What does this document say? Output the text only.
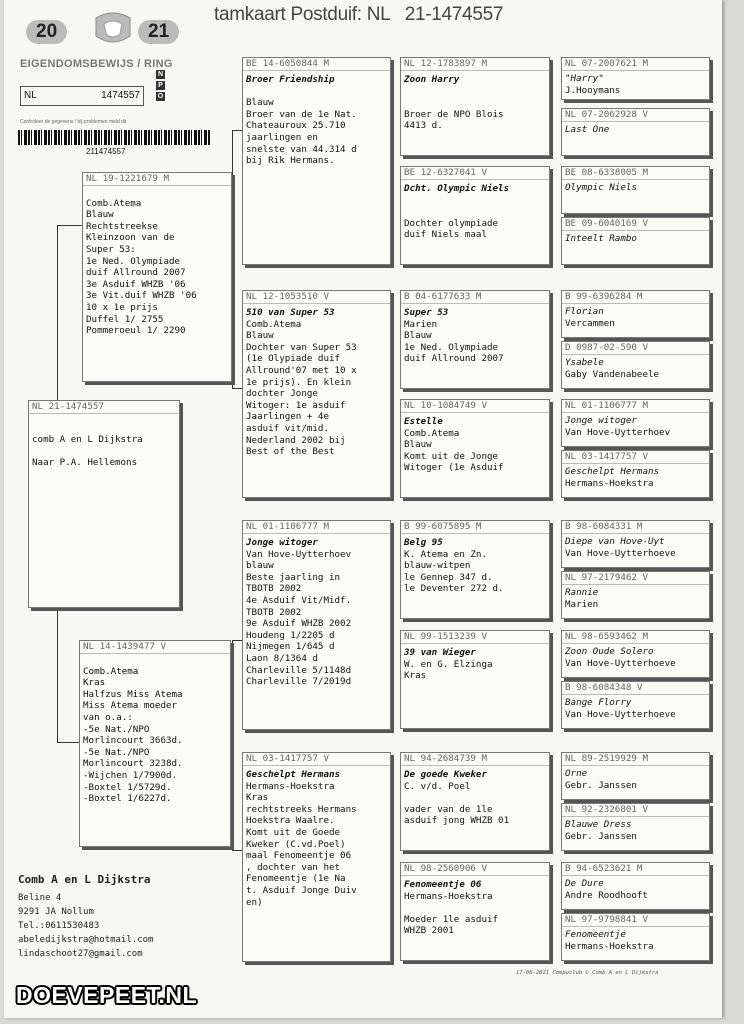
tamkaart Postduif: NL 21-1474557
20	21
EIGENDOMSBEWIJS / RING
NL	1474557
N
P
O
Controleer de gegevens / bij problemen meld dit
211474557
NL 21-1474557
comb A en L Dijkstra

Naar P.A. Hellemons
NL 19-1221679 M

Comb.Atema
Blauw
Rechtstreekse
Kleinzoon van de
Super 53:
1e Ned. Olympiade
duif Allround 2007
3e Asduif WHZB '06
3e Vit.duif WHZB '06
10 x 1e prijs
Duffel 1/ 2755
Pommeroeul 1/ 2290
NL 14-1439477 V

Comb.Atema
Kras
Halfzus Miss Atema
Miss Atema moeder
van o.a.:
-5e Nat./NPO
Morlincourt 3663d.
-5e Nat./NPO
Morlincourt 3238d.
-Wijchen 1/7900d.
-Boxtel 1/5729d.
-Boxtel 1/6227d.
BE 14-6050844 M
Broer Friendship

Blauw
Broer van de 1e Nat.
Chateauroux 25.710
jaarlingen en
snelste van 44.314 d
bij Rik Hermans.
NL 12-1053510 V
510 van Super 53
Comb.Atema
Blauw
Dochter van Super 53
(1e Olypiade duif
Allround'07 met 10 x
1e prijs). En klein
dochter Jonge
Witoger: 1e asduif
Jaarlingen + 4e
asduif vit/mid.
Nederland 2002 bij
Best of the Best
NL 01-1106777 M
Jonge witoger
Van Hove-Uytterhoev
blauw
Beste jaarling in
TBOTB 2002
4e Asduif Vit/Midf.
TBOTB 2002
9e Asduif WHZB 2002
Houdeng 1/2205 d
Nijmegen 1/645 d
Laon 8/1364 d
Charleville 5/1148d
Charleville 7/2019d
NL 03-1417757 V
Geschelpt Hermans
Hermans-Hoekstra
Kras
rechtstreeks Hermans
Hoekstra Waalre.
Komt uit de Goede
Kweker (C.vd.Poel)
maal Fenomeentje 06
, dochter van het
Fenomeentje (1e Na
t. Asduif Jonge Duiv
en)
NL 12-1783897 M
Zoon Harry

Broer de NPO Blois
4413 d.
BE 12-6327041 V
Dcht. Olympic Niels

Dochter olympiade
duif Niels maal
B 04-6177633 M
Super 53
Marien
Blauw
1e Ned. Olympiade
duif Allround 2007
NL 10-1084749 V
Estelle
Comb.Atema
Blauw
Komt uit de Jonge
Witoger (1e Asduif
B 99-6075895 M
Belg 95
K. Atema en Zn.
blauw-witpen
le Gennep 347 d.
le Deventer 272 d.
NL 99-1513239 V
39 van Wieger
W. en G. Elzinga
Kras
NL 94-2684739 M
De goede Kweker
C. v/d. Poel

vader van de 1le
asduif jong WHZB 01
NL 98-2560906 V
Fenomeentje 06
Hermans-Hoekstra

Moeder 1le asduif
WHZB 2001
NL 07-2007621 M
"Harry"
J.Hooymans
NL 07-2062928 V
Last One
BE 08-6338005 M
Olympic Niels
BE 09-6040169 V
Inteelt Rambo
B 99-6396284 M
Florian
Vercammen
D 0987-02-590 V
Ysabele
Gaby Vandenabeele
NL 01-1106777 M
Jonge witoger
Van Hove-Uytterhoev
NL 03-1417757 V
Geschelpt Hermans
Hermans-Hoekstra
B 98-6084331 M
Diepe van Hove-Uyt
Van Hove-Uytterhoeve
NL 97-2179462 V
Rannie
Marien
NL 98-6593462 M
Zoon Oude Solero
Van Hove-Uytterhoeve
B 98-6084348 V
Bange Florry
Van Hove-Uytterhoeve
NL 89-2519929 M
Orne
Gebr. Janssen
NL 92-2326801 V
Blauwe Dress
Gebr. Janssen
B 94-6523621 M
De Dure
Andre Roodhooft
NL 97-9798841 V
Fenomeentje
Hermans-Hoekstra
Comb A en L Dijkstra
Beline 4
9291 JA Nollum
Tel.:0611530483
abeledijkstra@hotmail.com
lindaschoot27@gmail.com
17-06-2021 Compuclub © Comb A en L Dijkstra
DOEVEPEET.NL
